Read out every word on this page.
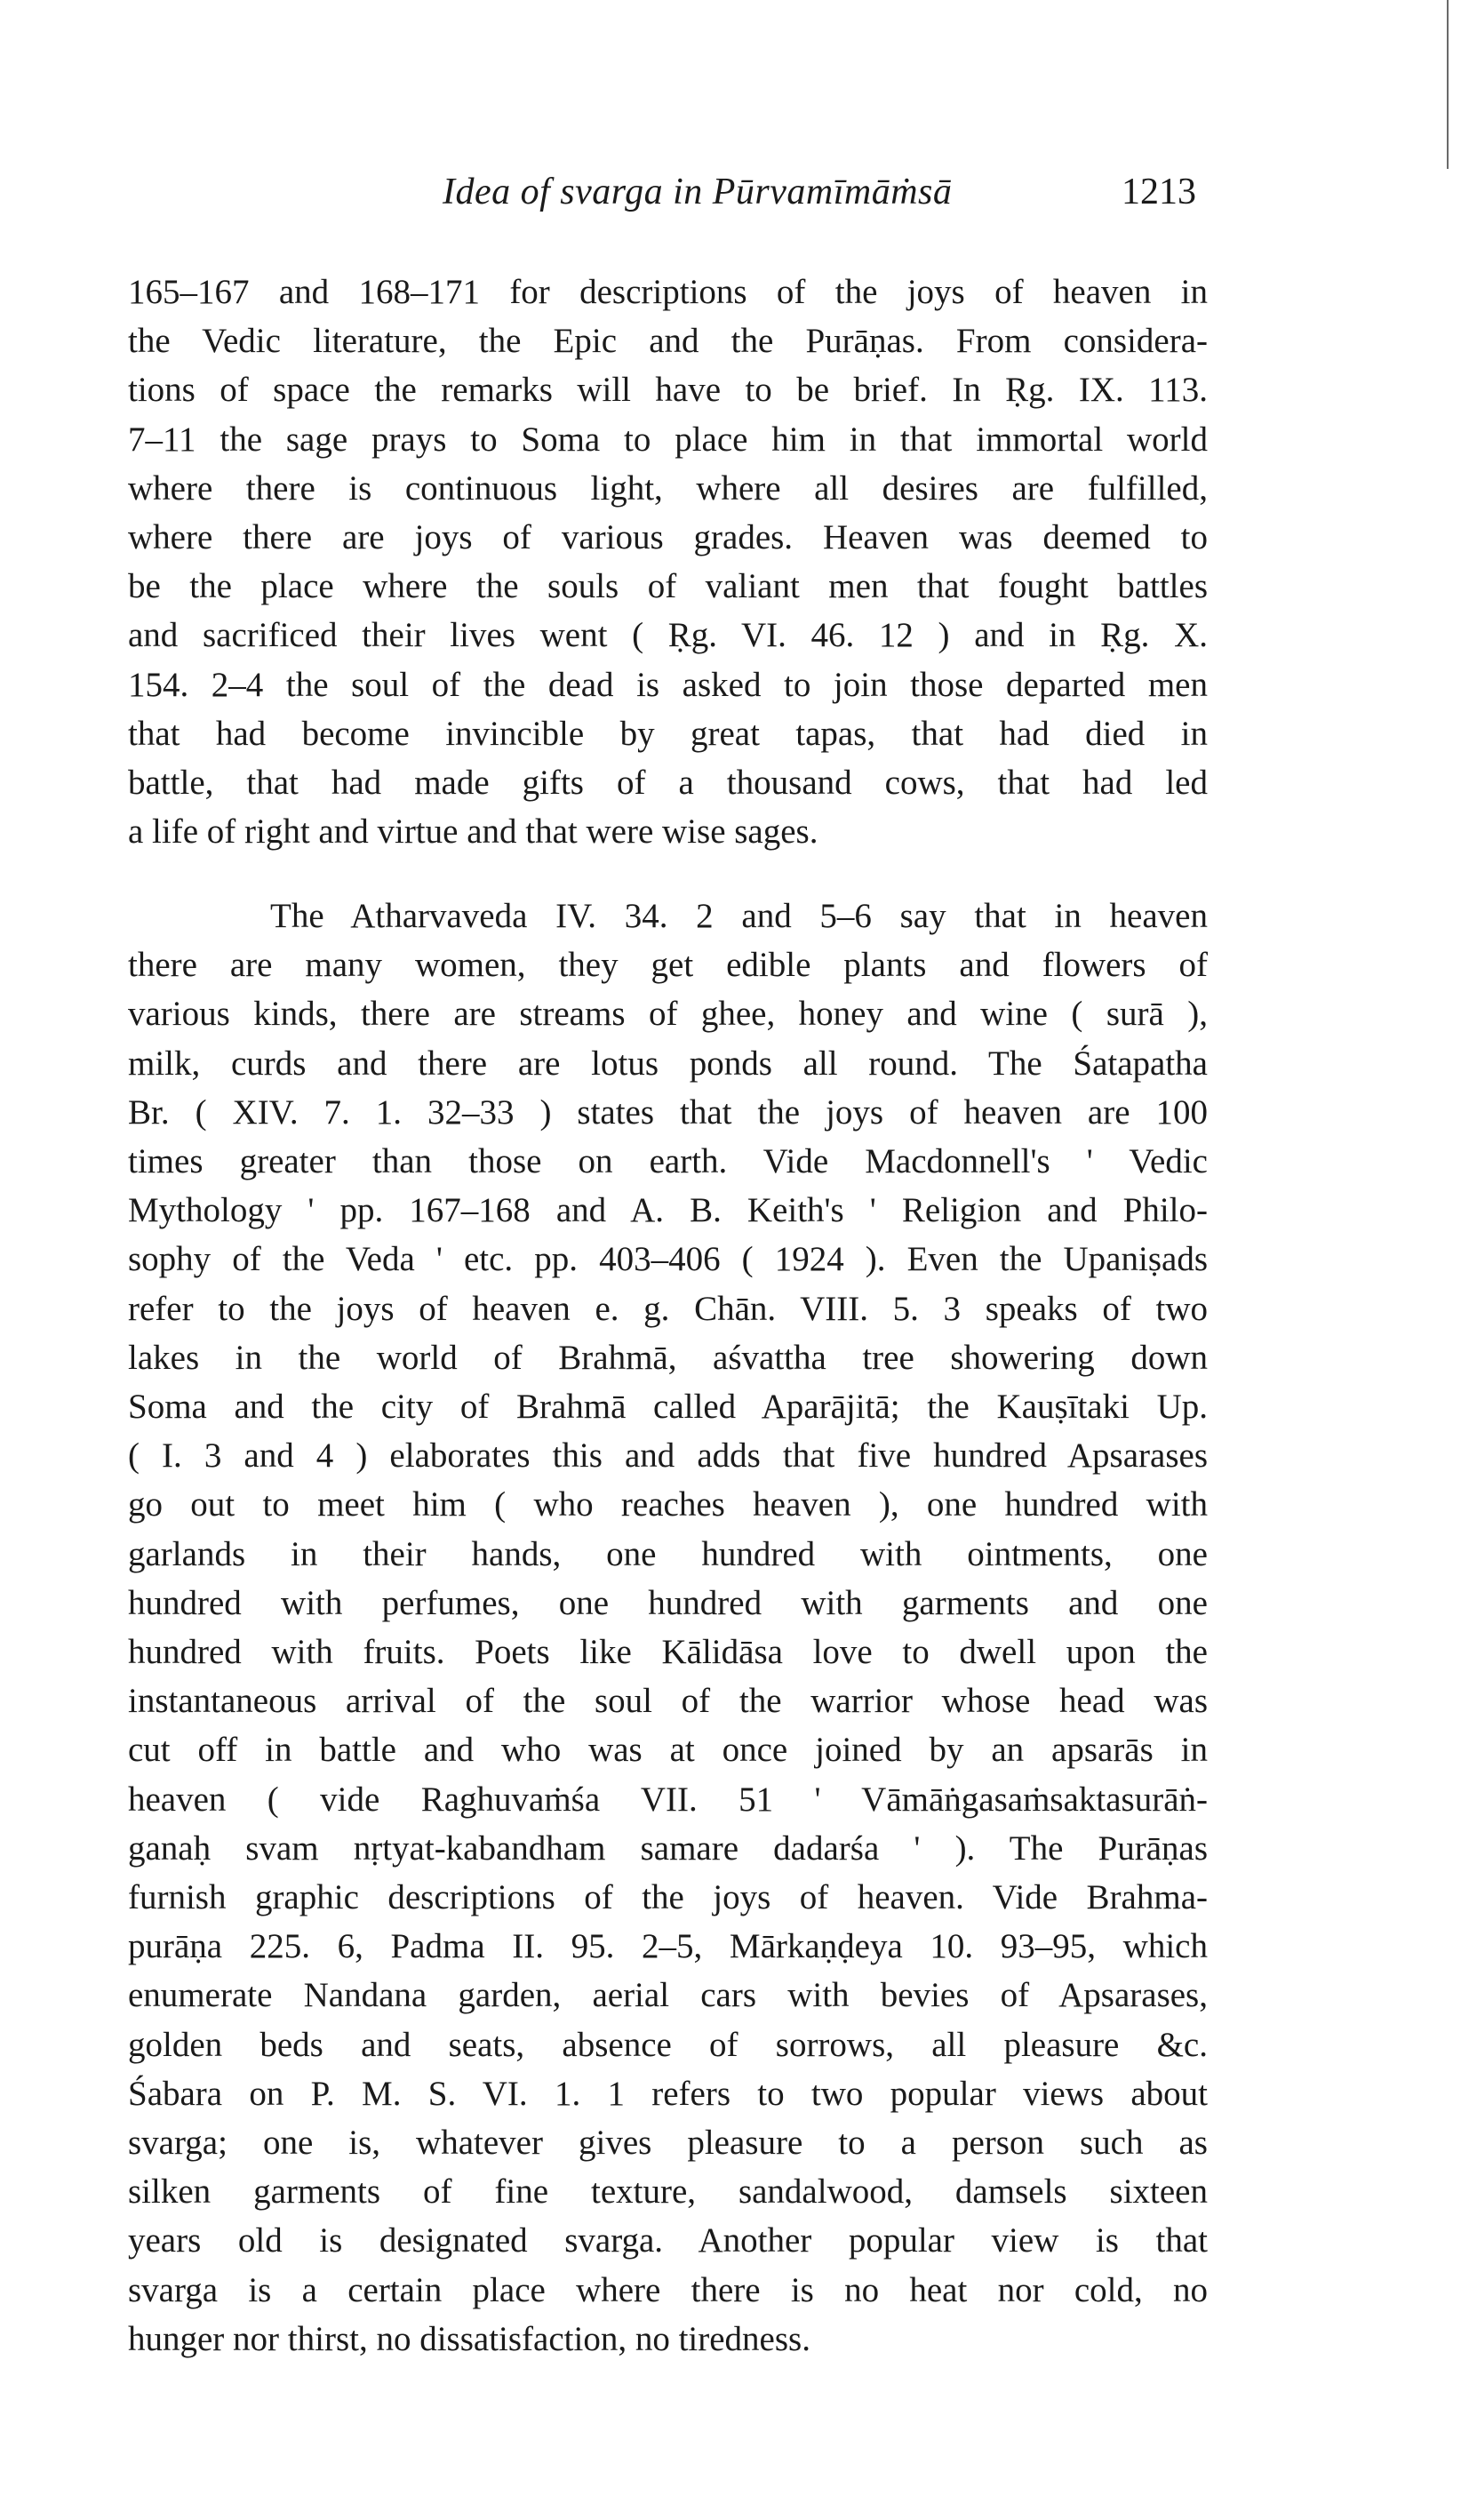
Idea of svarga in Pūrvamīmāṁsā	1213
165–167 and 168–171 for descriptions of the joys of heaven in
the Vedic literature, the Epic and the Purāṇas. From considera-
tions of space the remarks will have to be brief. In Ṛg. IX. 113.
7–11 the sage prays to Soma to place him in that immortal world
where there is continuous light, where all desires are fulfilled,
where there are joys of various grades. Heaven was deemed to
be the place where the souls of valiant men that fought battles
and sacrificed their lives went ( Ṛg. VI. 46. 12 ) and in Ṛg. X.
154. 2–4 the soul of the dead is asked to join those departed men
that had become invincible by great tapas, that had died in
battle, that had made gifts of a thousand cows, that had led
a life of right and virtue and that were wise sages.
The Atharvaveda IV. 34. 2 and 5–6 say that in heaven
there are many women, they get edible plants and flowers of
various kinds, there are streams of ghee, honey and wine ( surā ),
milk, curds and there are lotus ponds all round. The Śatapatha
Br. ( XIV. 7. 1. 32–33 ) states that the joys of heaven are 100
times greater than those on earth. Vide Macdonnell's ' Vedic
Mythology ' pp. 167–168 and A. B. Keith's ' Religion and Philo-
sophy of the Veda ' etc. pp. 403–406 ( 1924 ). Even the Upaniṣads
refer to the joys of heaven e. g. Chān. VIII. 5. 3 speaks of two
lakes in the world of Brahmā, aśvattha tree showering down
Soma and the city of Brahmā called Aparājitā; the Kauṣītaki Up.
( I. 3 and 4 ) elaborates this and adds that five hundred Apsarases
go out to meet him ( who reaches heaven ), one hundred with
garlands in their hands, one hundred with ointments, one
hundred with perfumes, one hundred with garments and one
hundred with fruits. Poets like Kālidāsa love to dwell upon the
instantaneous arrival of the soul of the warrior whose head was
cut off in battle and who was at once joined by an apsarās in
heaven ( vide Raghuvaṁśa VII. 51 ' Vāmāṅgasaṁsaktasurāṅ-
ganaḥ svam nṛtyat-kabandham samare dadarśa ' ). The Purāṇas
furnish graphic descriptions of the joys of heaven. Vide Brahma-
purāṇa 225. 6, Padma II. 95. 2–5, Mārkaṇḍeya 10. 93–95, which
enumerate Nandana garden, aerial cars with bevies of Apsarases,
golden beds and seats, absence of sorrows, all pleasure &c.
Śabara on P. M. S. VI. 1. 1 refers to two popular views about
svarga; one is, whatever gives pleasure to a person such as
silken garments of fine texture, sandalwood, damsels sixteen
years old is designated svarga. Another popular view is that
svarga is a certain place where there is no heat nor cold, no
hunger nor thirst, no dissatisfaction, no tiredness.
